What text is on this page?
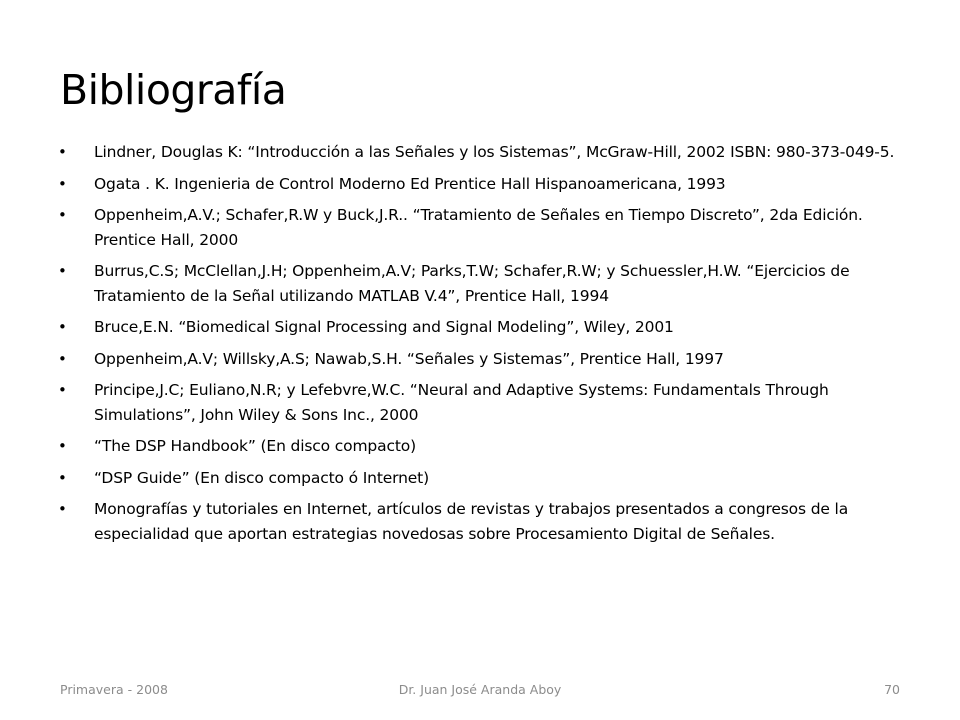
Bibliografía
• Lindner, Douglas K: “Introducción a las Señales y los Sistemas”, McGraw-Hill, 2002 ISBN: 980-373-049-5.
• Ogata . K. Ingenieria de Control Moderno Ed Prentice Hall Hispanoamericana, 1993
• Oppenheim,A.V.; Schafer,R.W y Buck,J.R.. “Tratamiento de Señales en Tiempo Discreto”, 2da Edición. Prentice Hall, 2000
• Burrus,C.S; McClellan,J.H; Oppenheim,A.V; Parks,T.W; Schafer,R.W; y Schuessler,H.W. “Ejercicios de Tratamiento de la Señal utilizando MATLAB V.4”, Prentice Hall, 1994
• Bruce,E.N. “Biomedical Signal Processing and Signal Modeling”, Wiley, 2001
• Oppenheim,A.V; Willsky,A.S; Nawab,S.H. “Señales y Sistemas”, Prentice Hall, 1997
• Principe,J.C; Euliano,N.R; y Lefebvre,W.C. “Neural and Adaptive Systems: Fundamentals Through Simulations”, John Wiley & Sons Inc., 2000
• “The DSP Handbook” (En disco compacto)
• “DSP Guide” (En disco compacto ó Internet)
• Monografías y tutoriales en Internet, artículos de revistas y trabajos presentados a congresos de la especialidad que aportan estrategias novedosas sobre Procesamiento Digital de Señales.
Dr. Juan José Aranda Aboy
Primavera - 2008	70
